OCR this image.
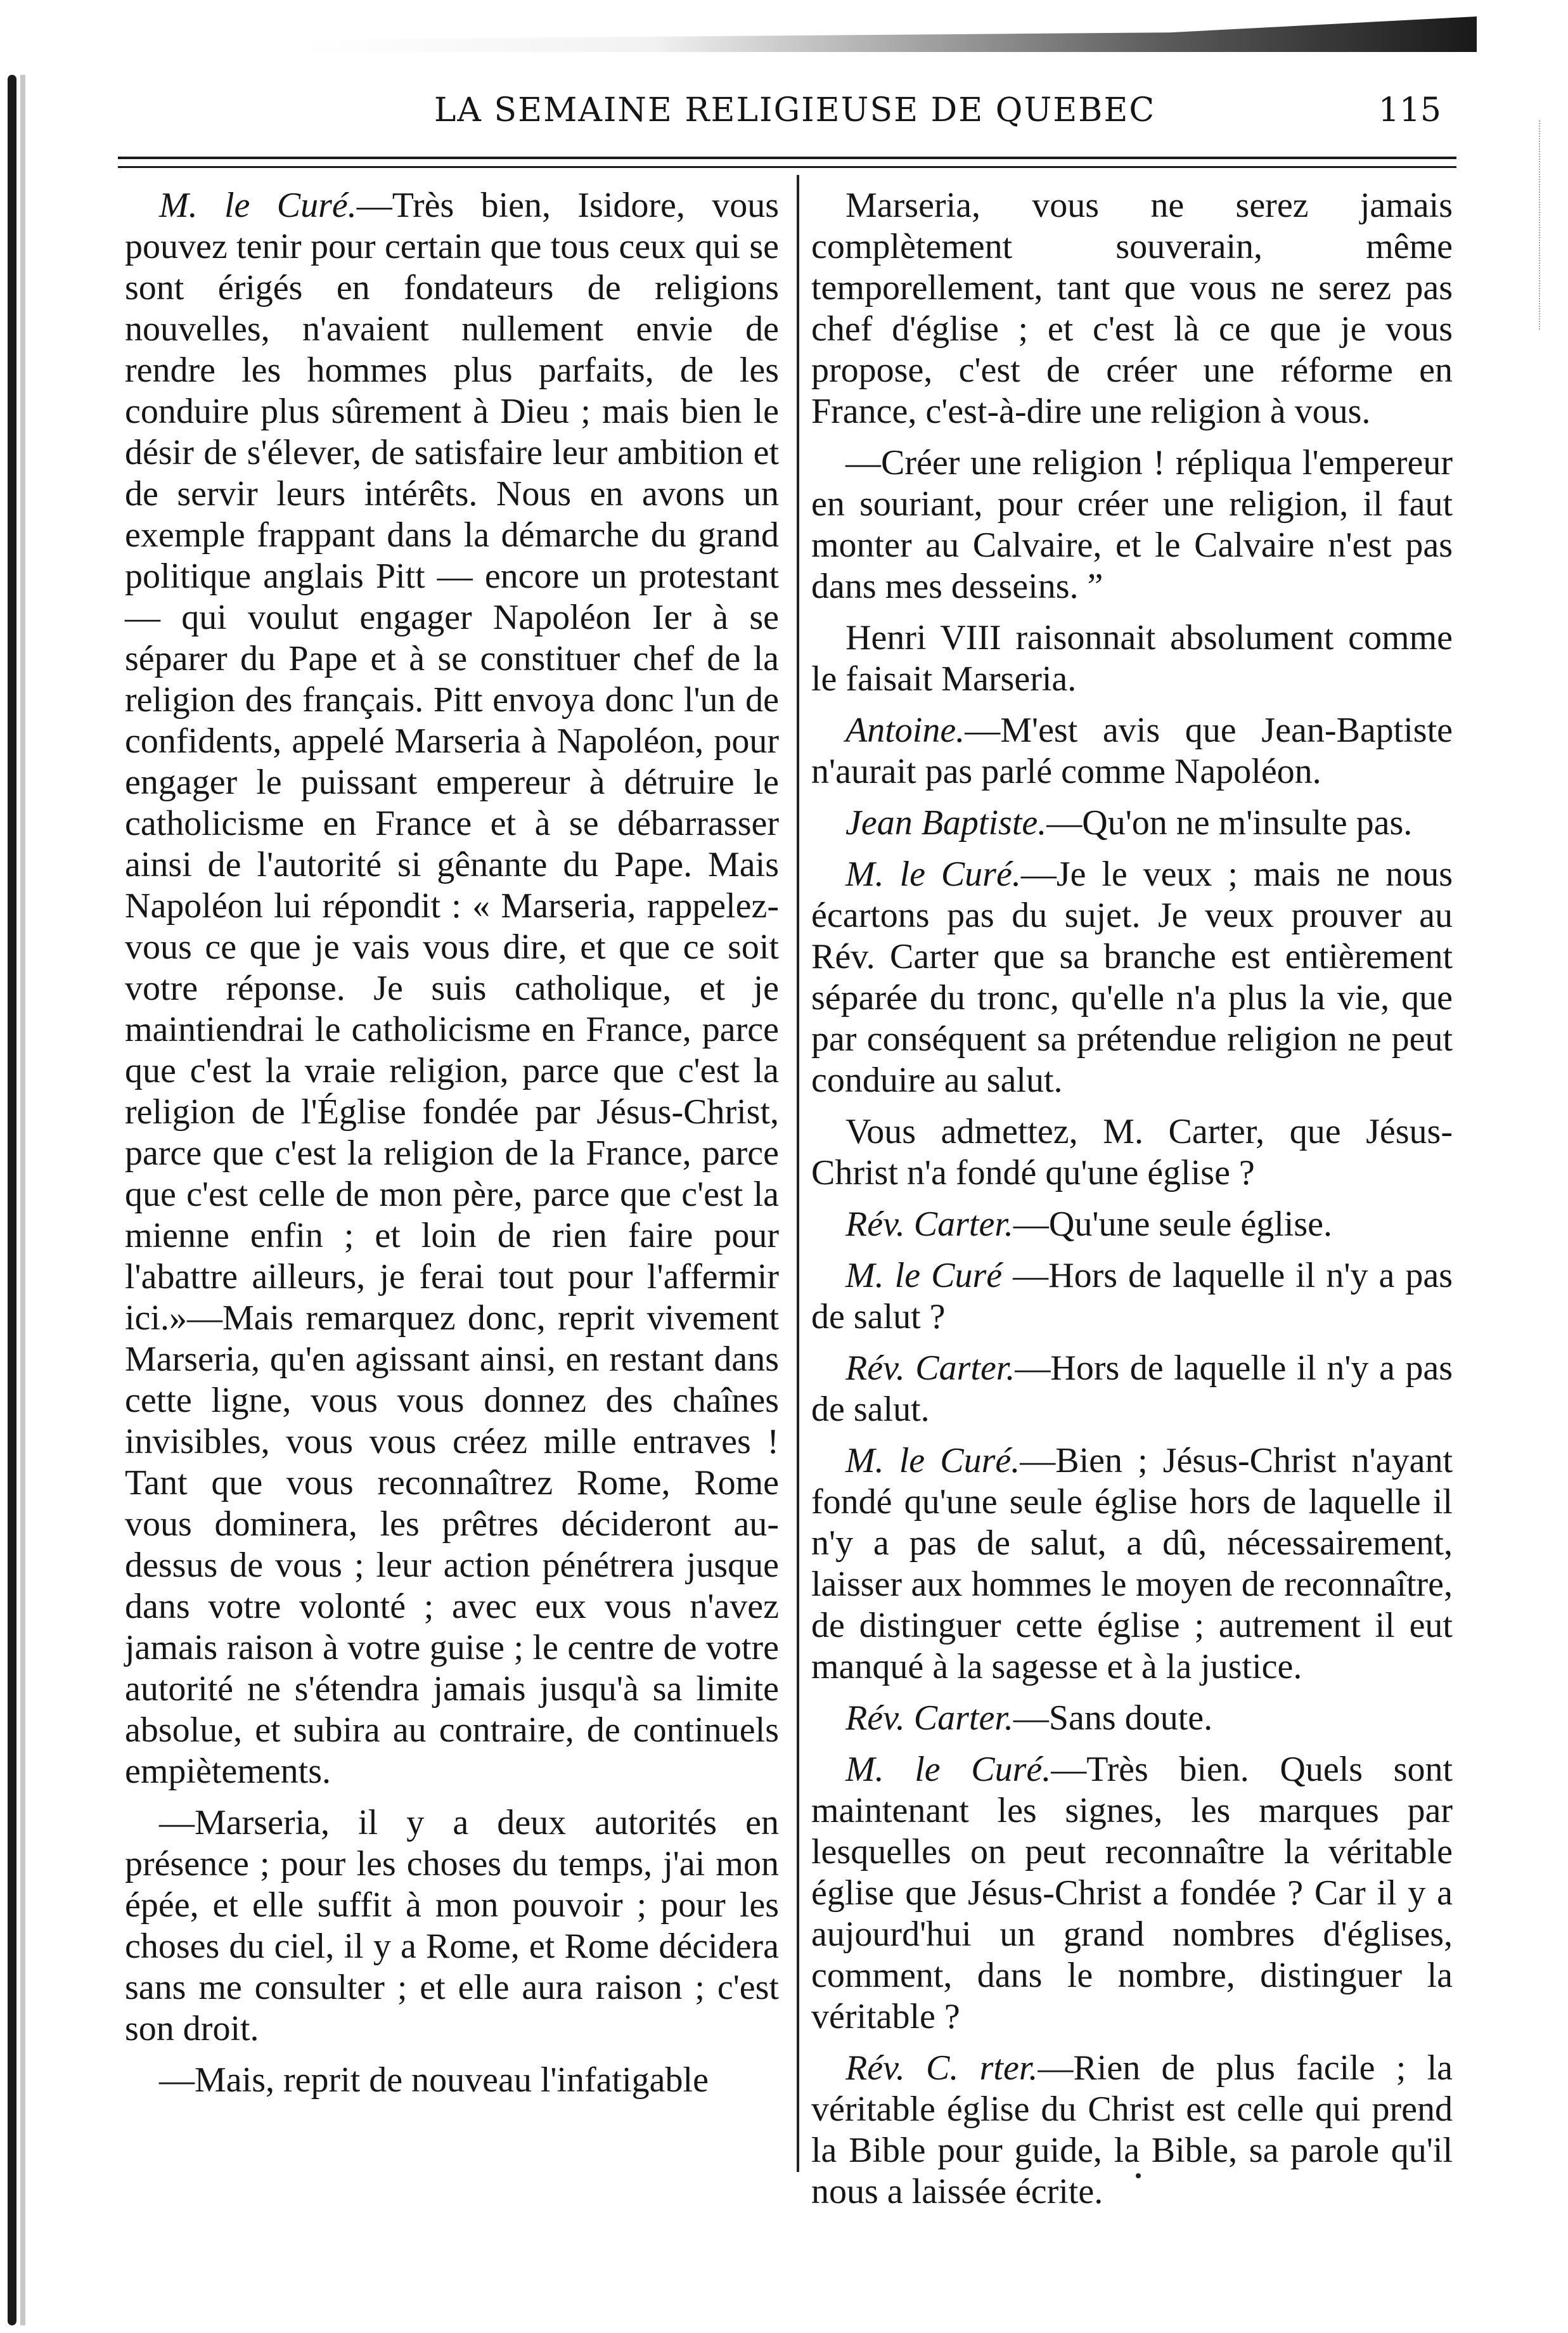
LA SEMAINE RELIGIEUSE DE QUEBEC	115

M. le Curé.—Très bien, Isidore, vous pouvez tenir pour certain que tous ceux qui se sont érigés en fondateurs de religions nouvelles, n'avaient nullement envie de rendre les hommes plus parfaits, de les conduire plus sûrement à Dieu ; mais bien le désir de s'élever, de satisfaire leur ambition et de servir leurs intérêts. Nous en avons un exemple frappant dans la démarche du grand politique anglais Pitt — encore un protestant — qui voulut engager Napoléon Ier à se séparer du Pape et à se constituer chef de la religion des français. Pitt envoya donc l'un de confidents, appelé Marseria à Napoléon, pour engager le puissant empereur à détruire le catholicisme en France et à se débarrasser ainsi de l'autorité si gênante du Pape. Mais Napoléon lui répondit : « Marseria, rappelez-vous ce que je vais vous dire, et que ce soit votre réponse. Je suis catholique, et je maintiendrai le catholicisme en France, parce que c'est la vraie religion, parce que c'est la religion de l'Église fondée par Jésus-Christ, parce que c'est la religion de la France, parce que c'est celle de mon père, parce que c'est la mienne enfin ; et loin de rien faire pour l'abattre ailleurs, je ferai tout pour l'affermir ici.»—Mais remarquez donc, reprit vivement Marseria, qu'en agissant ainsi, en restant dans cette ligne, vous vous donnez des chaînes invisibles, vous vous créez mille entraves ! Tant que vous reconnaîtrez Rome, Rome vous dominera, les prêtres décideront au-dessus de vous ; leur action pénétrera jusque dans votre volonté ; avec eux vous n'avez jamais raison à votre guise ; le centre de votre autorité ne s'étendra jamais jusqu'à sa limite absolue, et subira au contraire, de continuels empiètements.

—Marseria, il y a deux autorités en présence ; pour les choses du temps, j'ai mon épée, et elle suffit à mon pouvoir ; pour les choses du ciel, il y a Rome, et Rome décidera sans me consulter ; et elle aura raison ; c'est son droit.

—Mais, reprit de nouveau l'infatigable

Marseria, vous ne serez jamais complètement souverain, même temporellement, tant que vous ne serez pas chef d'église ; et c'est là ce que je vous propose, c'est de créer une réforme en France, c'est-à-dire une religion à vous.

—Créer une religion ! répliqua l'empereur en souriant, pour créer une religion, il faut monter au Calvaire, et le Calvaire n'est pas dans mes desseins. ”

Henri VIII raisonnait absolument comme le faisait Marseria.

Antoine.—M'est avis que Jean-Baptiste n'aurait pas parlé comme Napoléon.

Jean Baptiste.—Qu'on ne m'insulte pas.

M. le Curé.—Je le veux ; mais ne nous écartons pas du sujet. Je veux prouver au Rév. Carter que sa branche est entièrement séparée du tronc, qu'elle n'a plus la vie, que par conséquent sa prétendue religion ne peut conduire au salut.

Vous admettez, M. Carter, que Jésus-Christ n'a fondé qu'une église ?

Rév. Carter.—Qu'une seule église.

M. le Curé —Hors de laquelle il n'y a pas de salut ?

Rév. Carter.—Hors de laquelle il n'y a pas de salut.

M. le Curé.—Bien ; Jésus-Christ n'ayant fondé qu'une seule église hors de laquelle il n'y a pas de salut, a dû, nécessairement, laisser aux hommes le moyen de reconnaître, de distinguer cette église ; autrement il eut manqué à la sagesse et à la justice.

Rév. Carter.—Sans doute.

M. le Curé.—Très bien. Quels sont maintenant les signes, les marques par lesquelles on peut reconnaître la véritable église que Jésus-Christ a fondée ? Car il y a aujourd'hui un grand nombres d'églises, comment, dans le nombre, distinguer la véritable ?

Rév. C. rter.—Rien de plus facile ; la véritable église du Christ est celle qui prend la Bible pour guide, la Bible, sa parole qu'il nous a laissée écrite.
